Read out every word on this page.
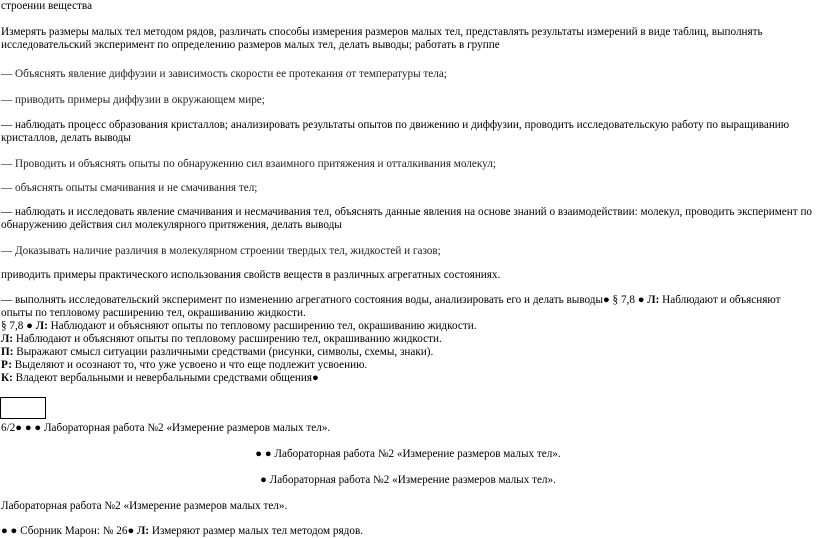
строении вещества

Измерять размеры малых тел методом рядов, различать способы измерения размеров малых тел, представлять результаты измерений в виде таблиц, выполнять исследовательский эксперимент по определению размеров малых тел, делать выводы; работать в группе

— Объяснять явление диффузии и зависимость скорости ее протекания от температуры тела;

— приводить примеры диффузии в окружающем мире;

— наблюдать процесс образования кристаллов; анализировать результаты опытов по движению и диффузии, проводить исследовательскую работу по выращиванию кристаллов, делать выводы

— Проводить и объяснять опыты по обнаружению сил взаимного притяжения и отталкивания молекул;

— объяснять опыты смачивания и не смачивания тел;

— наблюдать и исследовать явление смачивания и несмачивания тел, объяснять данные явления на основе знаний о взаимодействии: молекул, проводить эксперимент по обнаружению действия сил молекулярного притяжения, делать выводы

— Доказывать наличие различия в молекулярном строении твердых тел, жидкостей и газов;

приводить примеры практического использования свойств веществ в различных агрегатных состояниях.

— выполнять исследовательский эксперимент по изменению агрегатного состояния воды, анализировать его и делать выводы● § 7,8 ● Л: Наблюдают и объясняют опыты по тепловому расширению тел, окрашиванию жидкости.

§ 7,8 ● Л: Наблюдают и объясняют опыты по тепловому расширению тел, окрашиванию жидкости.

Л: Наблюдают и объясняют опыты по тепловому расширению тел, окрашиванию жидкости.

П: Выражают смысл ситуации различными средствами (рисунки, символы, схемы, знаки).

Р: Выделяют и осознают то, что уже усвоено и что еще подлежит усвоению.

К: Владеют вербальными и невербальными средствами общения●

6/2● ● ● Лабораторная работа №2 «Измерение размеров малых тел».

● ● Лабораторная работа №2 «Измерение размеров малых тел».

● Лабораторная работа №2 «Измерение размеров малых тел».

Лабораторная работа №2 «Измерение размеров малых тел».

● ● Сборник Марон: № 26● Л: Измеряют размер малых тел методом рядов.
